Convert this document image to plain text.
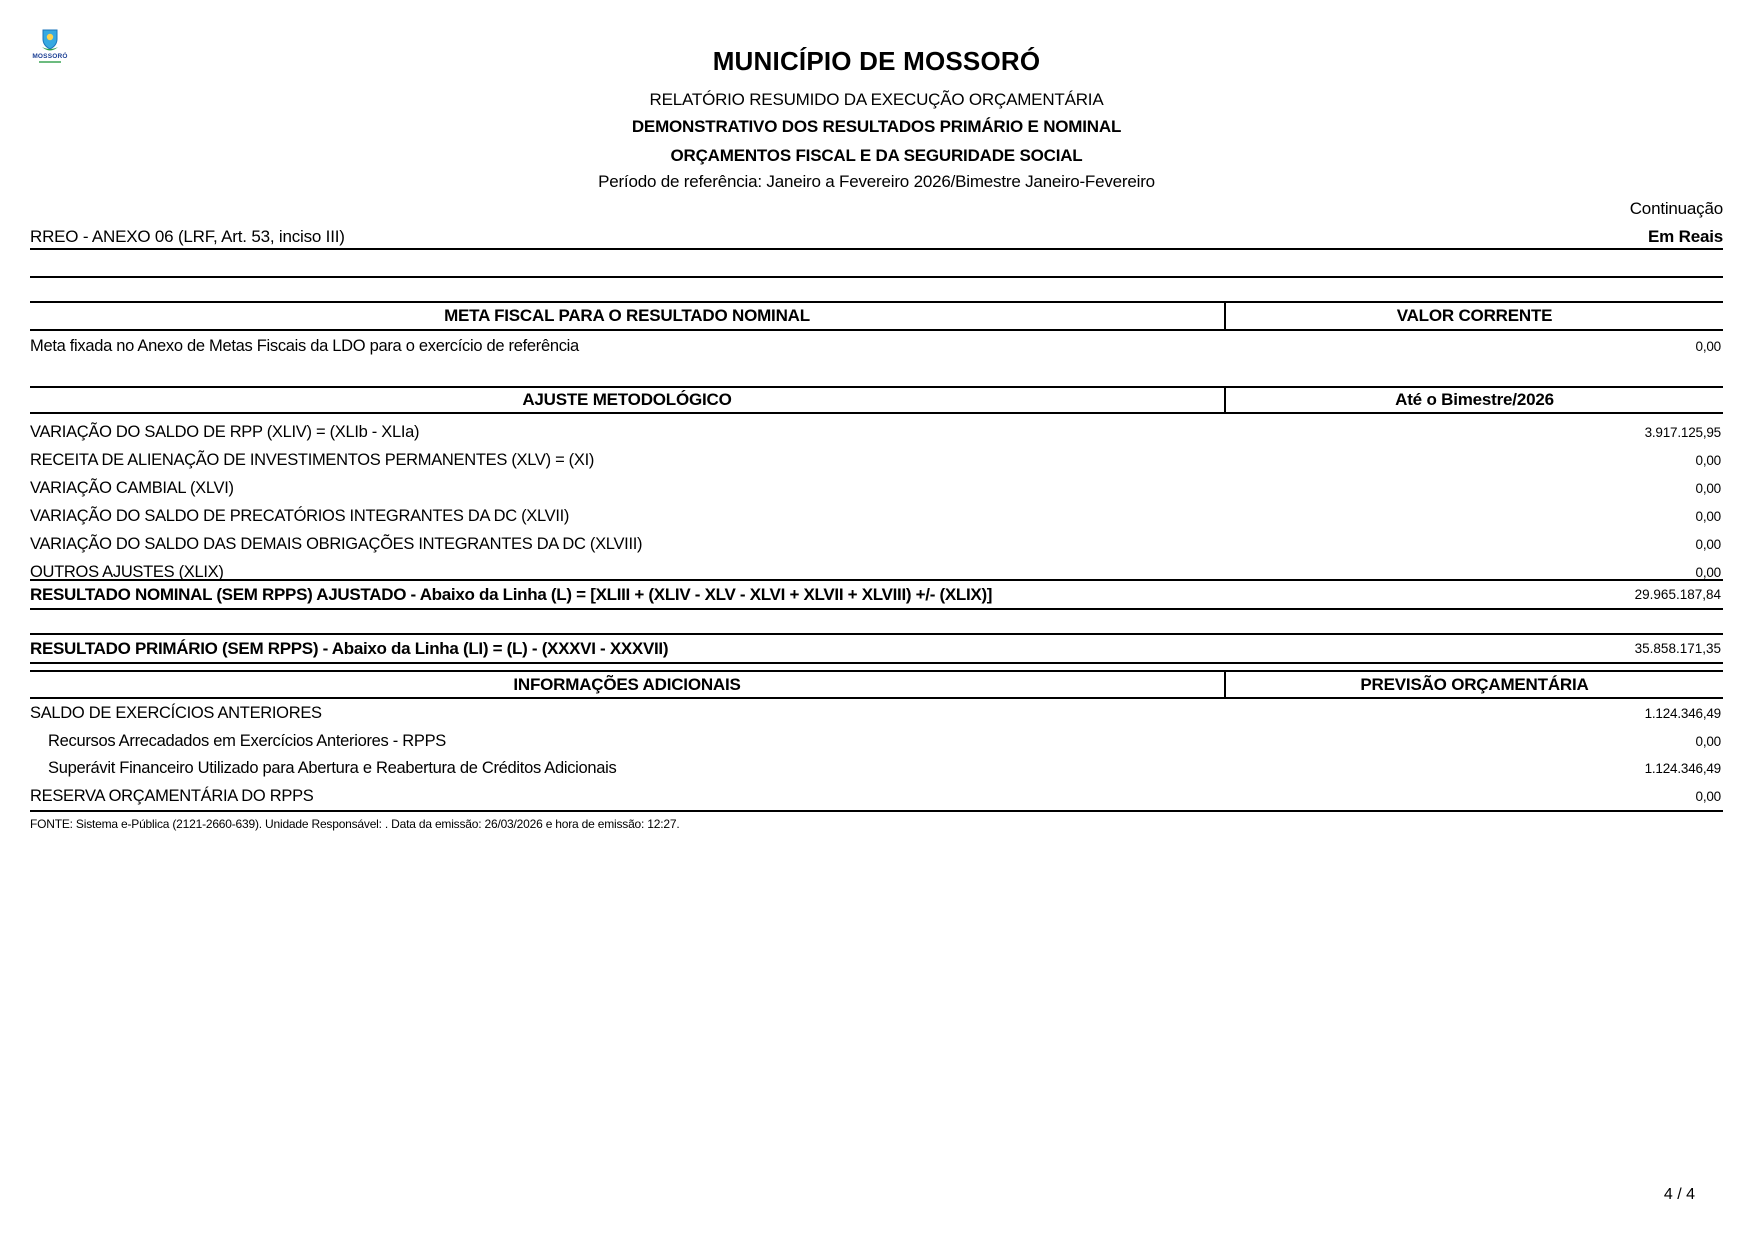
MOSSORÓ	MUNICÍPIO DE MOSSORÓ
RELATÓRIO RESUMIDO DA EXECUÇÃO ORÇAMENTÁRIA
DEMONSTRATIVO DOS RESULTADOS PRIMÁRIO E NOMINAL
ORÇAMENTOS FISCAL E DA SEGURIDADE SOCIAL
Período de referência: Janeiro a Fevereiro 2026/Bimestre Janeiro-Fevereiro
Continuação
RREO - ANEXO 06 (LRF, Art. 53, inciso III)	Em Reais
META FISCAL PARA O RESULTADO NOMINAL	VALOR CORRENTE
Meta fixada no Anexo de Metas Fiscais da LDO para o exercício de referência	0,00
AJUSTE METODOLÓGICO	Até o Bimestre/2026
VARIAÇÃO DO SALDO DE RPP (XLIV) = (XLIb - XLIa)	3.917.125,95
RECEITA DE ALIENAÇÃO DE INVESTIMENTOS PERMANENTES (XLV) = (XI)	0,00
VARIAÇÃO CAMBIAL (XLVI)	0,00
VARIAÇÃO DO SALDO DE PRECATÓRIOS INTEGRANTES DA DC (XLVII)	0,00
VARIAÇÃO DO SALDO DAS DEMAIS OBRIGAÇÕES INTEGRANTES DA DC (XLVIII)	0,00
OUTROS AJUSTES (XLIX)	0,00
RESULTADO NOMINAL (SEM RPPS) AJUSTADO - Abaixo da Linha (L) = [XLIII + (XLIV - XLV - XLVI + XLVII + XLVIII) +/- (XLIX)]	29.965.187,84
RESULTADO PRIMÁRIO (SEM RPPS) - Abaixo da Linha (LI) = (L) - (XXXVI - XXXVII)	35.858.171,35
INFORMAÇÕES ADICIONAIS	PREVISÃO ORÇAMENTÁRIA
SALDO DE EXERCÍCIOS ANTERIORES	1.124.346,49
Recursos Arrecadados em Exercícios Anteriores - RPPS	0,00
Superávit Financeiro Utilizado para Abertura e Reabertura de Créditos Adicionais	1.124.346,49
RESERVA ORÇAMENTÁRIA DO RPPS	0,00
FONTE: Sistema e-Pública (2121-2660-639). Unidade Responsável: . Data da emissão: 26/03/2026 e hora de emissão: 12:27.
4 / 4
